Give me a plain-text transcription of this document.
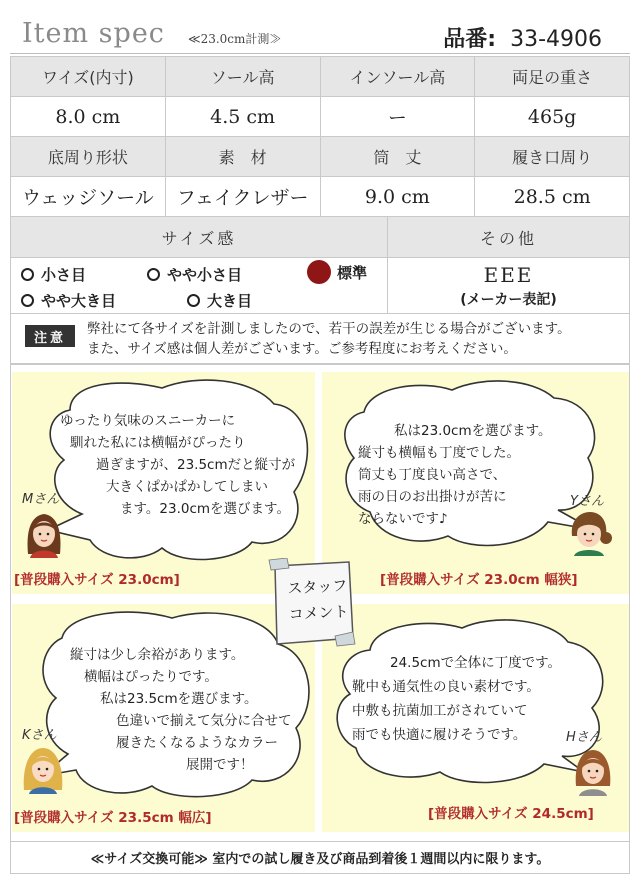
Item spec ≪23.0cm計測≫	品番: 33-4906
ワイズ(内寸)	ソール高	インソール高	両足の重さ
8.0 cm	4.5 cm	ー	465g
底周り形状	素　材	筒　丈	履き口周り
ウェッジソール	フェイクレザー	9.0 cm	28.5 cm
サイズ感
小さ目	やや小さ目	標準
やや大き目	大き目
その他
EEE
(メーカー表記)
注意
弊社にて各サイズを計測しましたので、若干の誤差が生じる場合がございます。
また、サイズ感は個人差がございます。ご参考程度にお考えください。
ゆったり気味のスニーカーに
馴れた私には横幅がぴったり
過ぎますが、23.5cmだと縦寸が
大きくぱかぱかしてしまい
ます。23.0cmを選びます。
Mさん
[普段購入サイズ 23.0cm]
私は23.0cmを選びます。
縦寸も横幅も丁度でした。
筒丈も丁度良い高さで、
雨の日のお出掛けが苦に
ならないです♪
Yさん
[普段購入サイズ 23.0cm 幅狭]
縦寸は少し余裕があります。
横幅はぴったりです。
私は23.5cmを選びます。
色違いで揃えて気分に合せて
履きたくなるようなカラー
展開です！
Kさん
[普段購入サイズ 23.5cm 幅広]
24.5cmで全体に丁度です。
靴中も通気性の良い素材です。
中敷も抗菌加工がされていて
雨でも快適に履けそうです。	Hさん
[普段購入サイズ 24.5cm]
スタッフ
コメント
≪サイズ交換可能≫ 室内での試し履き及び商品到着後１週間以内に限ります。
